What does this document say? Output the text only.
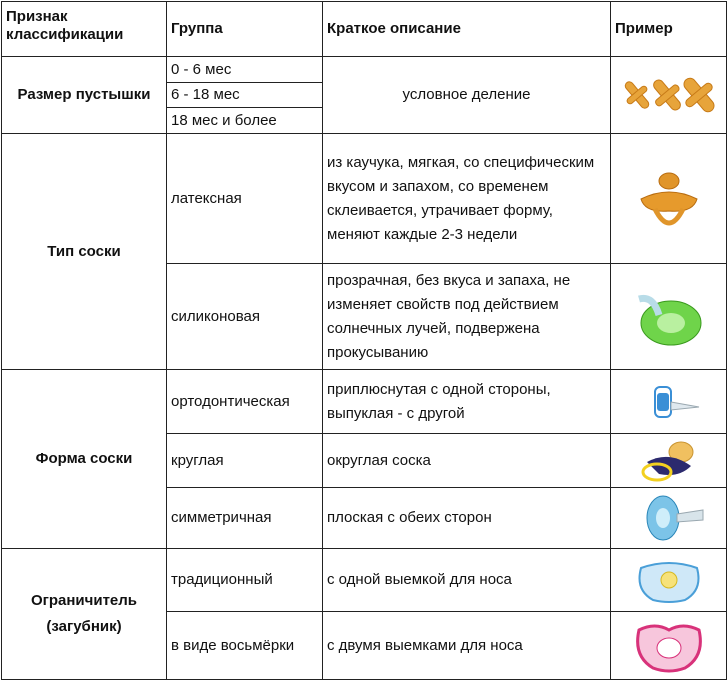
Признак классификации	Группа	Краткое описание	Пример
Размер пустышки	0 - 6 мес	условное деление	

	6 - 18 мес		
	18 мес и более		
Тип соски	латексная	из каучука, мягкая, со специфическим вкусом и запахом, со временем склеивается, утрачивает форму, меняют каждые 2-3 недели	

	силиконовая	прозрачная, без вкуса и запаха, не изменяет свойств под действием солнечных лучей, подвержена прокусыванию	

Форма соски	ортодонтическая	приплюснутая с одной стороны, выпуклая - с другой	

	круглая	округлая соска	

	симметричная	плоская с обеих сторон	

Ограничитель (загубник)	традиционный	с одной выемкой для носа	

	в виде восьмёрки	с двумя выемками для носа	
